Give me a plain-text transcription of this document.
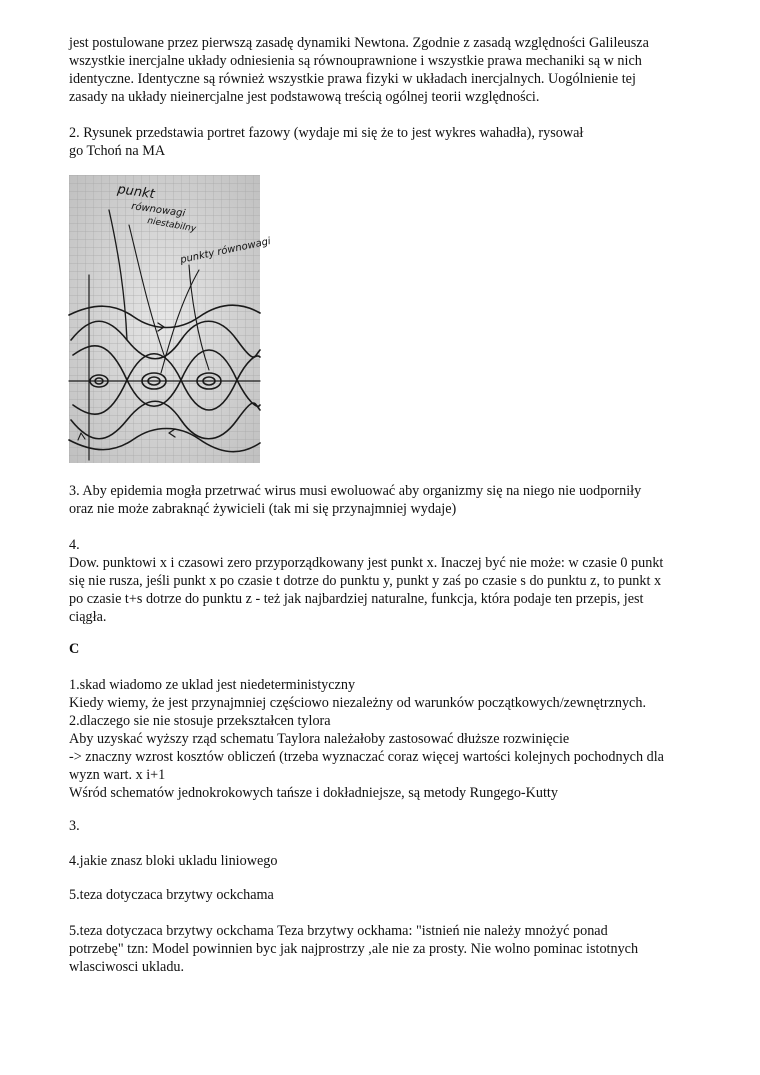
jest postulowane przez pierwszą zasadę dynamiki Newtona. Zgodnie z zasadą względności Galileusza

wszystkie inercjalne układy odniesienia są równouprawnione i wszystkie prawa mechaniki są w nich

identyczne. Identyczne są również wszystkie prawa fizyki w układach inercjalnych. Uogólnienie tej

zasady na układy nieinercjalne jest podstawową treścią ogólnej teorii względności.

2. Rysunek przedstawia portret fazowy (wydaje mi się że to jest wykres wahadła), rysował

go Tchoń na MA

punkt
równowagi
niestabilny
punkty równowagi

3. Aby epidemia mogła przetrwać wirus musi ewoluować aby organizmy się na niego nie uodporniły

oraz nie może zabraknąć żywicieli (tak mi się przynajmniej wydaje)

4.

Dow. punktowi x i czasowi zero przyporządkowany jest punkt x. Inaczej być nie może: w czasie 0 punkt

się nie rusza, jeśli punkt x po czasie t dotrze do punktu y, punkt y zaś po czasie s do punktu z, to punkt x

po czasie t+s dotrze do punktu z - też jak najbardziej naturalne, funkcja, która podaje ten przepis, jest

ciągła.

C

1.skad wiadomo ze uklad jest niedeterministyczny

Kiedy wiemy, że jest przynajmniej częściowo niezależny od warunków początkowych/zewnętrznych.

2.dlaczego sie nie stosuje przekształcen tylora

Aby uzyskać wyższy rząd schematu Taylora należałoby zastosować dłuższe rozwinięcie

-> znaczny wzrost kosztów obliczeń (trzeba wyznaczać coraz więcej wartości kolejnych pochodnych dla

wyzn wart. x i+1

Wśród schematów jednokrokowych tańsze i dokładniejsze, są metody Rungego-Kutty

3.
4.jakie znasz bloki ukladu liniowego
5.teza dotyczaca brzytwy ockchama

5.teza dotyczaca brzytwy ockchama Teza brzytwy ockhama: "istnień nie należy mnożyć ponad

potrzebę" tzn: Model powinnien byc jak najprostrzy ,ale nie za prosty. Nie wolno pominac istotnych

wlasciwosci ukladu.
